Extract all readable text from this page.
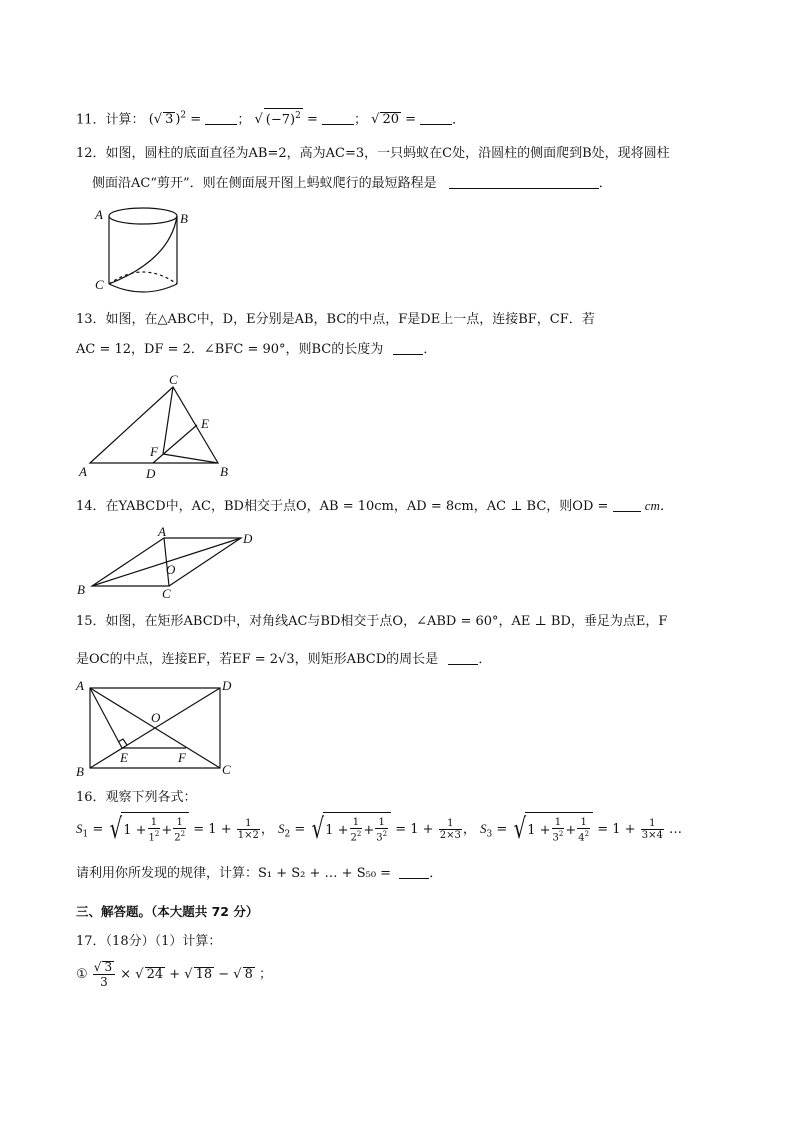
11．计算： (√ 3 )$^2$ =	； √ $(-7)^2$ =	； √ 20 =	．
12．如图，圆柱的底面直径为AB=2，高为AC=3，一只蚂蚁在C处，沿圆柱的侧面爬到B处，现将圆柱
侧面沿AC“剪开”．则在侧面展开图上蚂蚁爬行的最短路程是	．
A	B
C
13．如图，在△ABC中，D，E分别是AB，BC的中点，F是DE上一点，连接BF，CF．若
AC = 12，DF = 2．∠BFC = 90°，则BC的长度为	．
A
C
B
D
E
F
14．在YABCD中，AC，BD相交于点O，AB = 10cm，AD = 8cm，AC ⊥ BC，则OD =	cm．
A	D
B	C
O
15．如图，在矩形ABCD中，对角线AC与BD相交于点O，∠ABD = 60°，AE ⊥ BD，垂足为点E，F
是OC的中点，连接EF，若EF = 2√3，则矩形ABCD的周长是	．
A	D
B	C
O
E	F
16．观察下列各式：
$S_1$ = √ $1 + \frac{1}{1^2} + \frac{1}{2^2} = 1 + \frac{1}{1\times 2}$ ， $S_2$ = √ $1 + \frac{1}{2^2} + \frac{1}{3^2} = 1 + \frac{1}{2\times 3}$ ， $S_3$ = √ $1 + \frac{1}{3^2} + \frac{1}{4^2} = 1 + \frac{1}{3\times 4}$ …
请利用你所发现的规律，计算：S₁ + S₂ + … + S₅₀ =	．
三、解答题。（本大题共 72 分）
17．（18分）（1）计算：
① $\frac{√ 3}{3}$ × √ 24 + √ 18 − √ 8 ；
